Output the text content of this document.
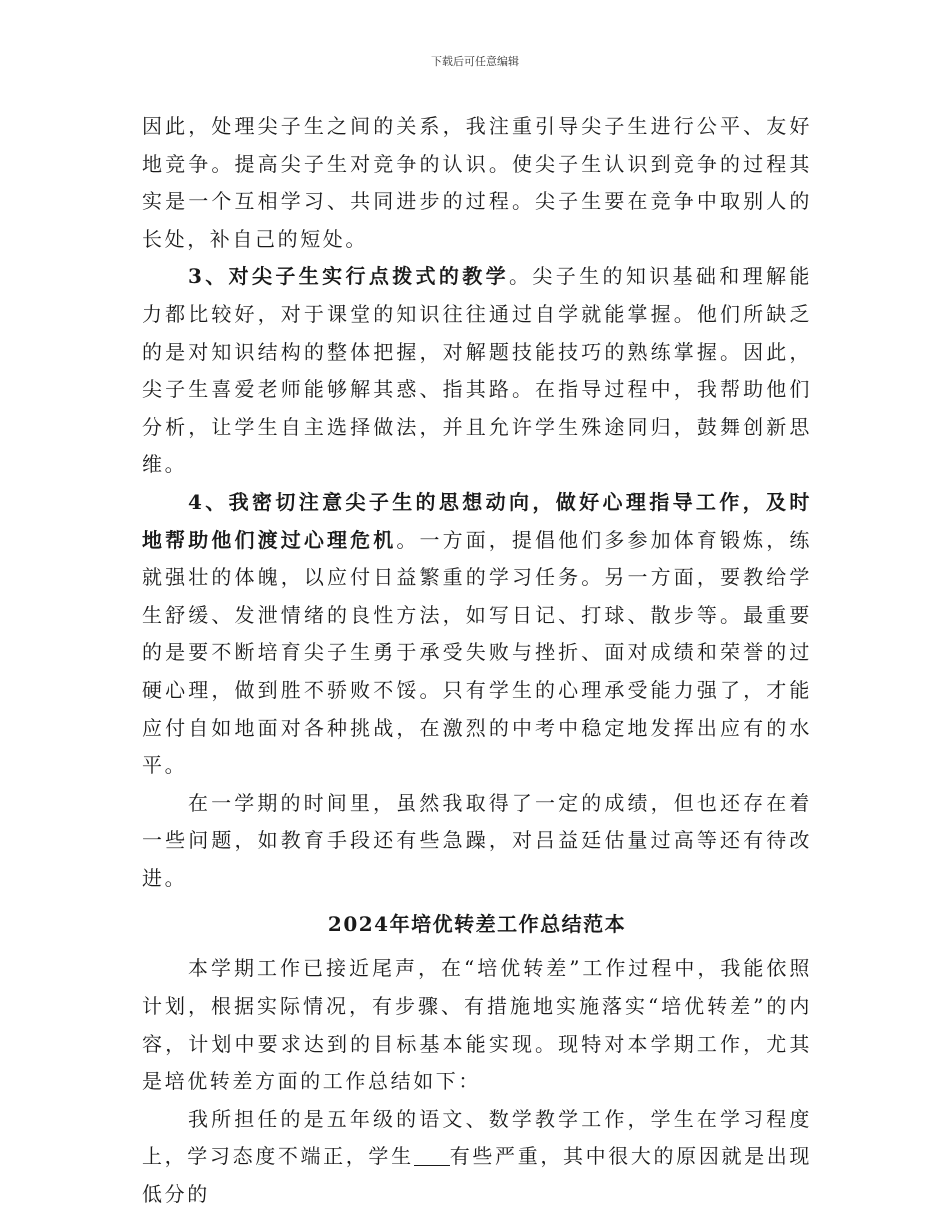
下载后可任意编辑

因此，处理尖子生之间的关系，我注重引导尖子生进行公平、友好地竞争。提高尖子生对竞争的认识。使尖子生认识到竞争的过程其实是一个互相学习、共同进步的过程。尖子生要在竞争中取别人的长处，补自己的短处。

3、对尖子生实行点拨式的教学。尖子生的知识基础和理解能力都比较好，对于课堂的知识往往通过自学就能掌握。他们所缺乏的是对知识结构的整体把握，对解题技能技巧的熟练掌握。因此，尖子生喜爱老师能够解其惑、指其路。在指导过程中，我帮助他们分析，让学生自主选择做法，并且允许学生殊途同归，鼓舞创新思维。

4、我密切注意尖子生的思想动向，做好心理指导工作，及时地帮助他们渡过心理危机。一方面，提倡他们多参加体育锻炼，练就强壮的体魄，以应付日益繁重的学习任务。另一方面，要教给学生舒缓、发泄情绪的良性方法，如写日记、打球、散步等。最重要的是要不断培育尖子生勇于承受失败与挫折、面对成绩和荣誉的过硬心理，做到胜不骄败不馁。只有学生的心理承受能力强了，才能应付自如地面对各种挑战，在激烈的中考中稳定地发挥出应有的水平。

在一学期的时间里，虽然我取得了一定的成绩，但也还存在着一些问题，如教育手段还有些急躁，对吕益廷估量过高等还有待改进。

2024年培优转差工作总结范本

本学期工作已接近尾声，在“培优转差”工作过程中，我能依照计划，根据实际情况，有步骤、有措施地实施落实“培优转差”的内容，计划中要求达到的目标基本能实现。现特对本学期工作，尤其是培优转差方面的工作总结如下：

我所担任的是五年级的语文、数学教学工作，学生在学习程度上，学习态度不端正，学生 有些严重，其中很大的原因就是出现低分的
